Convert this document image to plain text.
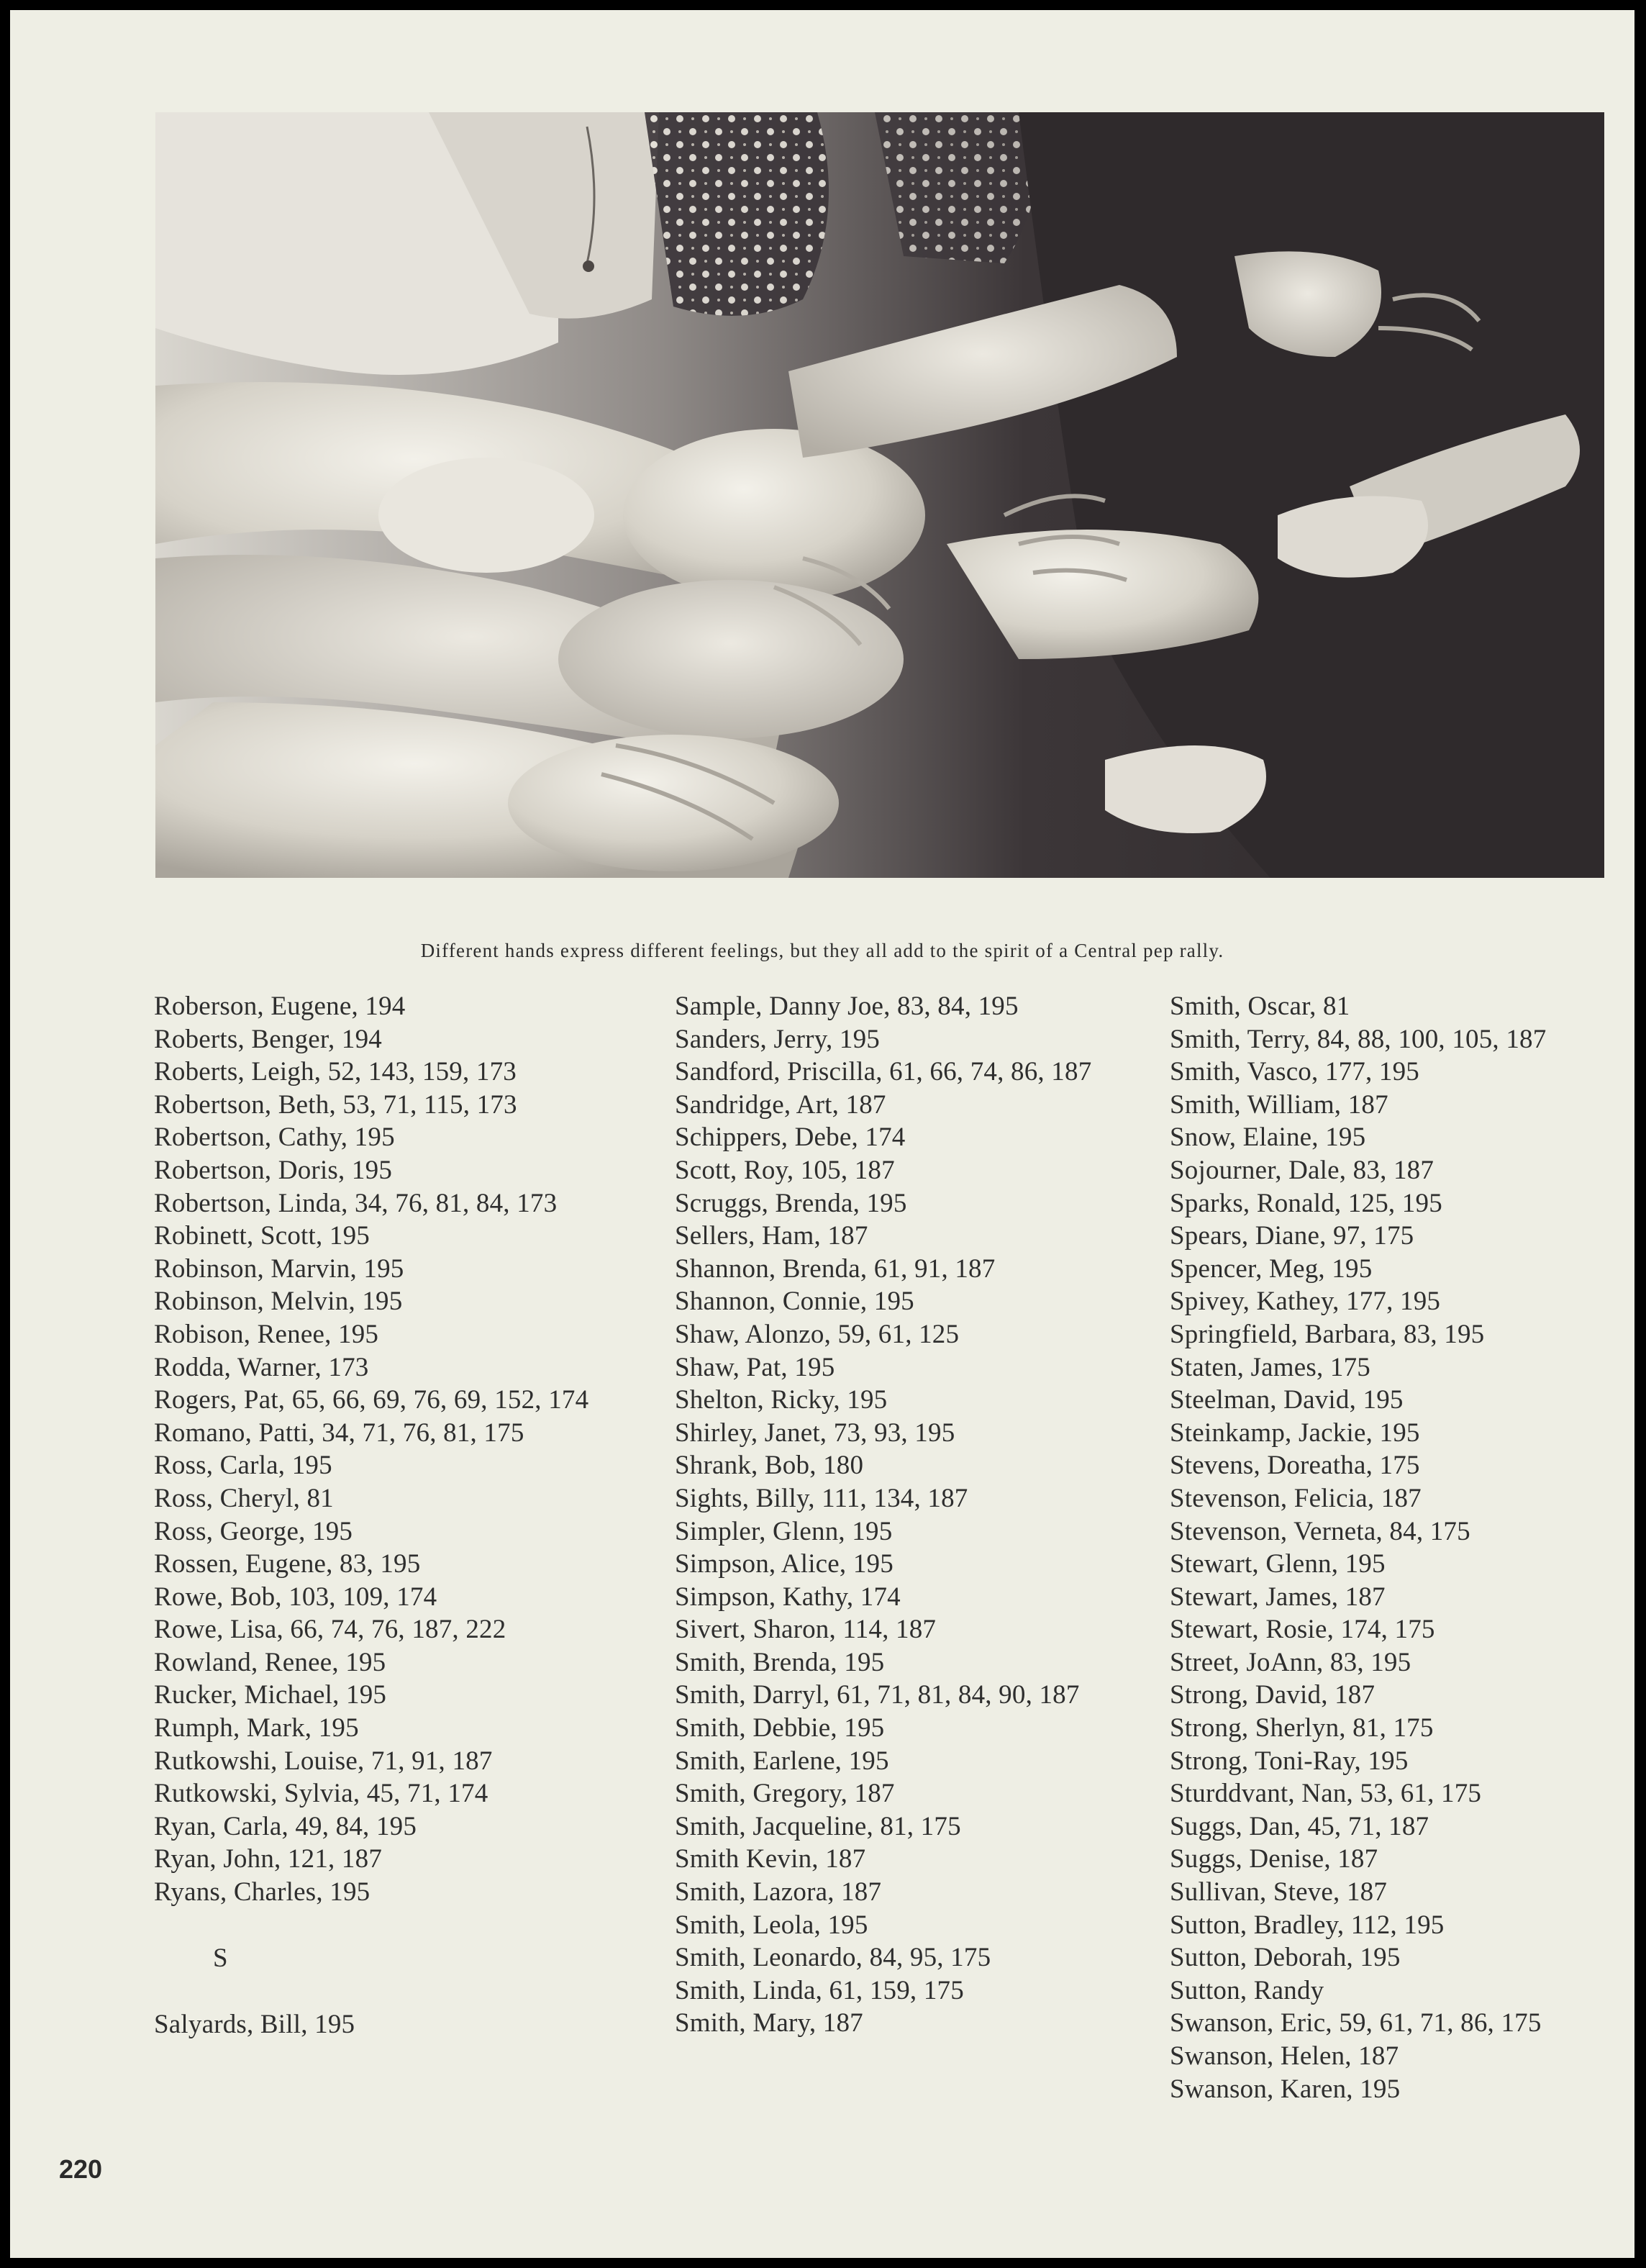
Different hands express different feelings, but they all add to the spirit of a Central pep rally.
Roberson, Eugene, 194
Roberts, Benger, 194
Roberts, Leigh, 52, 143, 159, 173
Robertson, Beth, 53, 71, 115, 173
Robertson, Cathy, 195
Robertson, Doris, 195
Robertson, Linda, 34, 76, 81, 84, 173
Robinett, Scott, 195
Robinson, Marvin, 195
Robinson, Melvin, 195
Robison, Renee, 195
Rodda, Warner, 173
Rogers, Pat, 65, 66, 69, 76, 69, 152, 174
Romano, Patti, 34, 71, 76, 81, 175
Ross, Carla, 195
Ross, Cheryl, 81
Ross, George, 195
Rossen, Eugene, 83, 195
Rowe, Bob, 103, 109, 174
Rowe, Lisa, 66, 74, 76, 187, 222
Rowland, Renee, 195
Rucker, Michael, 195
Rumph, Mark, 195
Rutkowshi, Louise, 71, 91, 187
Rutkowski, Sylvia, 45, 71, 174
Ryan, Carla, 49, 84, 195
Ryan, John, 121, 187
Ryans, Charles, 195
S
Salyards, Bill, 195
Sample, Danny Joe, 83, 84, 195
Sanders, Jerry, 195
Sandford, Priscilla, 61, 66, 74, 86, 187
Sandridge, Art, 187
Schippers, Debe, 174
Scott, Roy, 105, 187
Scruggs, Brenda, 195
Sellers, Ham, 187
Shannon, Brenda, 61, 91, 187
Shannon, Connie, 195
Shaw, Alonzo, 59, 61, 125
Shaw, Pat, 195
Shelton, Ricky, 195
Shirley, Janet, 73, 93, 195
Shrank, Bob, 180
Sights, Billy, 111, 134, 187
Simpler, Glenn, 195
Simpson, Alice, 195
Simpson, Kathy, 174
Sivert, Sharon, 114, 187
Smith, Brenda, 195
Smith, Darryl, 61, 71, 81, 84, 90, 187
Smith, Debbie, 195
Smith, Earlene, 195
Smith, Gregory, 187
Smith, Jacqueline, 81, 175
Smith Kevin, 187
Smith, Lazora, 187
Smith, Leola, 195
Smith, Leonardo, 84, 95, 175
Smith, Linda, 61, 159, 175
Smith, Mary, 187
Smith, Oscar, 81
Smith, Terry, 84, 88, 100, 105, 187
Smith, Vasco, 177, 195
Smith, William, 187
Snow, Elaine, 195
Sojourner, Dale, 83, 187
Sparks, Ronald, 125, 195
Spears, Diane, 97, 175
Spencer, Meg, 195
Spivey, Kathey, 177, 195
Springfield, Barbara, 83, 195
Staten, James, 175
Steelman, David, 195
Steinkamp, Jackie, 195
Stevens, Doreatha, 175
Stevenson, Felicia, 187
Stevenson, Verneta, 84, 175
Stewart, Glenn, 195
Stewart, James, 187
Stewart, Rosie, 174, 175
Street, JoAnn, 83, 195
Strong, David, 187
Strong, Sherlyn, 81, 175
Strong, Toni-Ray, 195
Sturddvant, Nan, 53, 61, 175
Suggs, Dan, 45, 71, 187
Suggs, Denise, 187
Sullivan, Steve, 187
Sutton, Bradley, 112, 195
Sutton, Deborah, 195
Sutton, Randy
Swanson, Eric, 59, 61, 71, 86, 175
Swanson, Helen, 187
Swanson, Karen, 195
220
